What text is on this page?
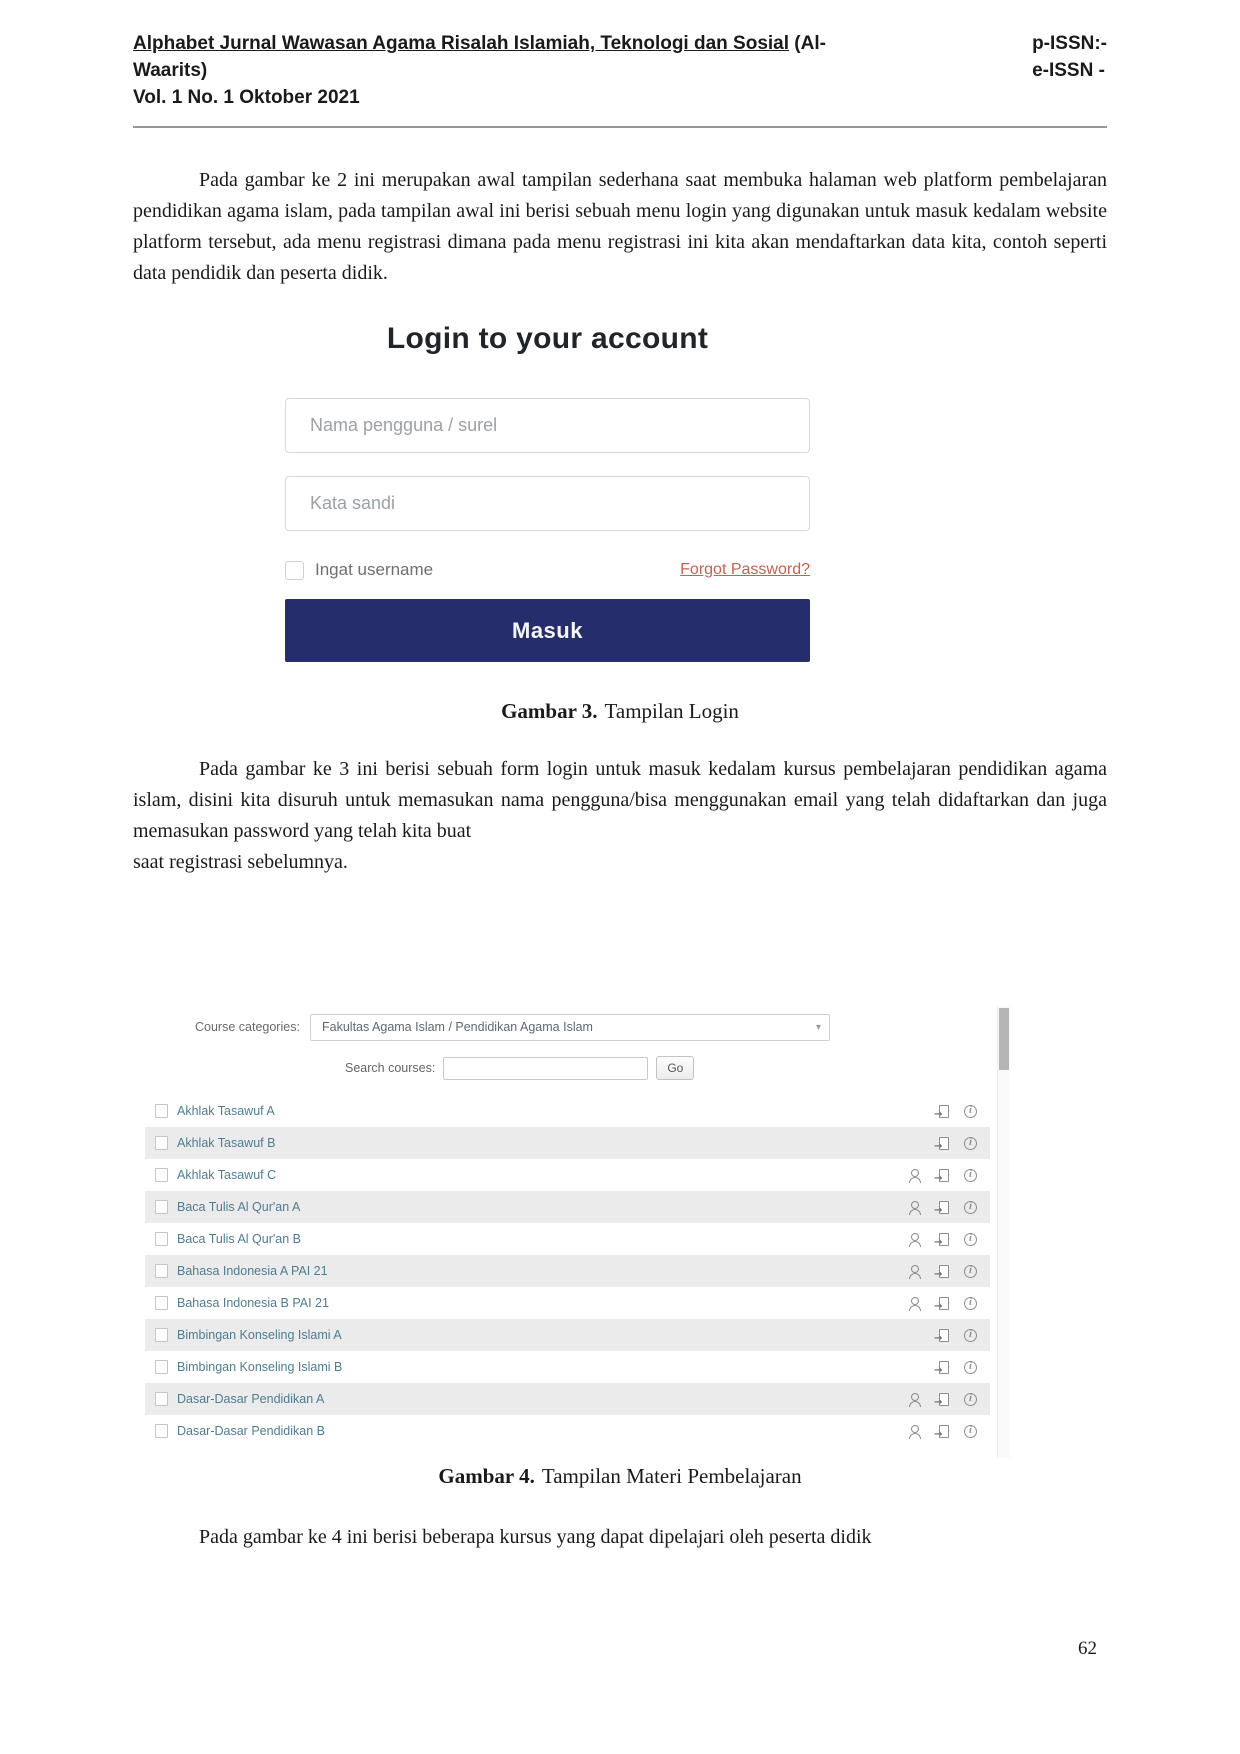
Alphabet Jurnal Wawasan Agama Risalah Islamiah, Teknologi dan Sosial (Al-Waarits)
Vol. 1 No. 1 Oktober 2021
p-ISSN:-
e-ISSN -

Pada gambar ke 2 ini merupakan awal tampilan sederhana saat membuka halaman web platform pembelajaran pendidikan agama islam, pada tampilan awal ini berisi sebuah menu login yang digunakan untuk masuk kedalam website platform tersebut, ada menu registrasi dimana pada menu registrasi ini kita akan mendaftarkan data kita, contoh seperti data pendidik dan peserta didik.

Login to your account
Nama pengguna / surel
Kata sandi
Ingat username	Forgot Password?
Masuk
Gambar 3. Tampilan Login

Pada gambar ke 3 ini berisi sebuah form login untuk masuk kedalam kursus pembelajaran pendidikan agama islam, disini kita disuruh untuk memasukan nama pengguna/bisa menggunakan email yang telah didaftarkan dan juga memasukan password yang telah kita buat

saat registrasi sebelumnya.

Course categories:	Fakultas Agama Islam / Pendidikan Agama Islam	▾
Search courses:	Go
Akhlak Tasawuf A
→
i
Akhlak Tasawuf B
→
i
Akhlak Tasawuf C
→
i
Baca Tulis Al Qur'an A
→
i
Baca Tulis Al Qur'an B
→
i
Bahasa Indonesia A PAI 21
→
i
Bahasa Indonesia B PAI 21
→
i
Bimbingan Konseling Islami A
→
i
Bimbingan Konseling Islami B
→
i
Dasar-Dasar Pendidikan A
→
i
Dasar-Dasar Pendidikan B
→
i
Gambar 4. Tampilan Materi Pembelajaran

Pada gambar ke 4 ini berisi beberapa kursus yang dapat dipelajari oleh peserta didik

62
